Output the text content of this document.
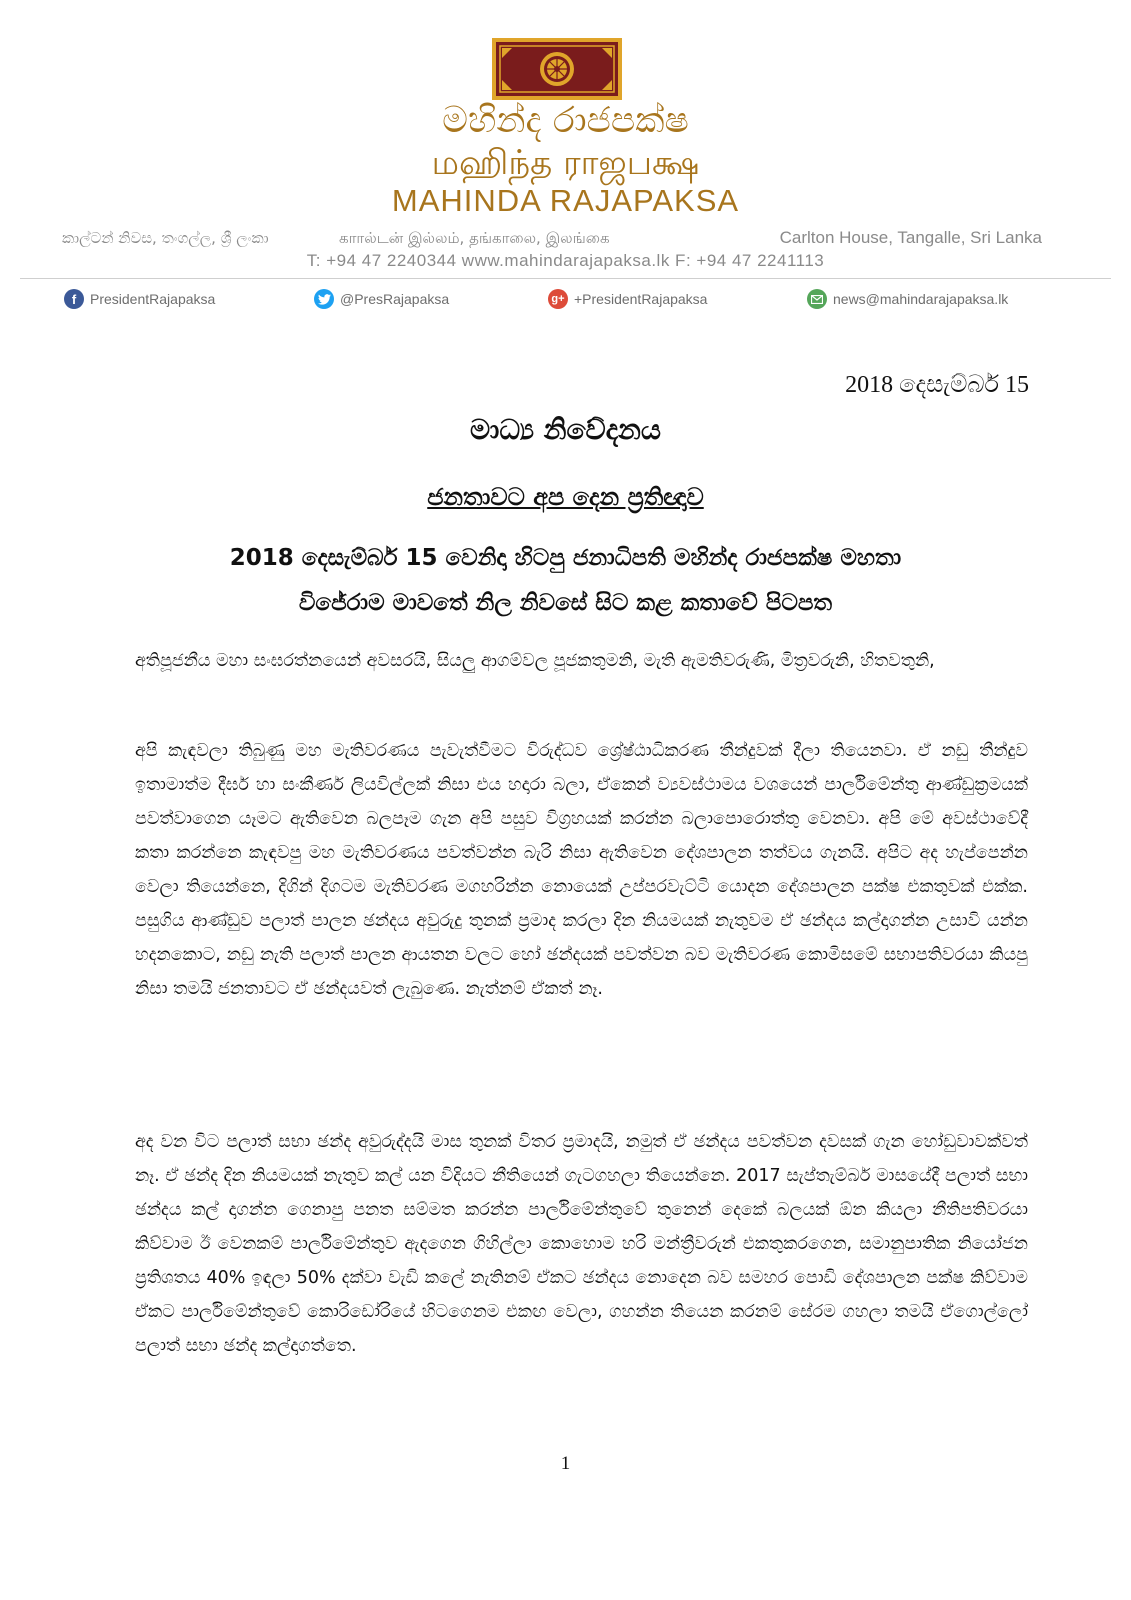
මහින්ද රාජපක්ෂ
மஹிந்த ராஜபக்ஷ
MAHINDA RAJAPAKSA
කාල්ටන් නිවස, තංගල්ල, ශ්‍රී ලංකා	காால்டன் இல்லம், தங்காலை, இலங்கை	Carlton House, Tangalle, Sri Lanka
T: +94 47 2240344 www.mahindarajapaksa.lk F: +94 47 2241113
f PresidentRajapaksa	@PresRajapaksa	g+ +PresidentRajapaksa	news@mahindarajapaksa.lk
2018 දෙසැම්බර් 15
මාධ්‍ය නිවේදනය
ජනතාවට අප දෙන ප්‍රතිඥාව
2018 දෙසැම්බර් 15 වෙනිදා හිටපු ජනාධිපති මහින්ද රාජපක්ෂ මහතා
විජේරාම මාවතේ නිල නිවසේ සිට කළ කතාවේ පිටපත

අතිපූජනීය මහා සංඝරත්නයෙන් අවසරයි, සියලු ආගම්වල පූජකතුමනි, මැති ඇමතිවරුණි, මිත්‍රවරුනි, හිතවතුනි,

අපි කැඳවලා තිබුණු මහ මැතිවරණය පැවැත්වීමට විරුද්ධව ශ්‍රේෂ්ඨාධිකරණ තීන්දුවක් දීලා තියෙනවා. ඒ නඩු තීන්දුව ඉතාමාත්ම දීර්ඝ හා සංකීර්ණ ලියවිල්ලක් නිසා එය හදාරා බලා, ඒකෙන් ව්‍යවස්ථාමය වශයෙන් පාර්ලිමේන්තු ආණ්ඩුක්‍රමයක් පවත්වාගෙන යෑමට ඇතිවෙන බලපෑම ගැන අපි පසුව විග්‍රහයක් කරන්න බලාපොරොත්තු වෙනවා. අපි මේ අවස්ථාවේදී කතා කරන්නෙ කැඳවපු මහ මැතිවරණය පවත්වන්න බැරි නිසා ඇතිවෙන දේශපාලන තත්වය ගැනයි. අපිට අද හැප්පෙන්න වෙලා තියෙන්නෙ, දිගින් දිගටම මැතිවරණ මගහරින්න නොයෙක් උප්පරවැට්ටි යොදන දේශපාලන පක්ෂ එකතුවක් එක්ක. පසුගිය ආණ්ඩුව පලාත් පාලන ඡන්දය අවුරුදු තුනක් ප්‍රමාද කරලා දින නියමයක් නැතුවම ඒ ඡන්දය කල්දාගන්න උසාවි යන්න හදනකොට, නඩු නැති පලාත් පාලන ආයතන වලට හෝ ඡන්දයක් පවත්වන බව මැතිවරණ කොමිසමේ සභාපතිවරයා කියපු නිසා තමයි ජනතාවට ඒ ඡන්දයවත් ලැබුණෙ. නැත්නම් ඒකත් නෑ.

අද වන විට පලාත් සභා ඡන්ද අවුරුද්දයි මාස තුනක් විතර ප්‍රමාදයි, නමුත් ඒ ඡන්දය පවත්වන දවසක් ගැන හෝඩුවාවක්වත් නෑ. ඒ ඡන්ද දින නියමයක් නැතුව කල් යන විදියට නීතියෙන් ගැටගහලා තියෙන්නෙ. 2017 සැප්තැම්බර් මාසයේදී පලාත් සභා ඡන්දය කල් දාගන්න ගෙනාපු පනත සම්මත කරන්න පාර්ලිමේන්තුවේ තුනෙන් දෙකේ බලයක් ඕන කියලා නීතිපතිවරයා කිව්වාම ඊ වෙනකම් පාර්ලිමේන්තුව ඇදගෙන ගිහිල්ලා කොහොම හරි මන්ත්‍රීවරුන් එකතුකරගෙන, සමානුපාතික නියෝජන ප්‍රතිශතය 40% ඉඳලා 50% දක්වා වැඩි කලේ නැතිනම් ඒකට ඡන්දය නොදෙන බව සමහර පොඩි දේශපාලන පක්ෂ කිව්වාම ඒකට පාර්ලිමේන්තුවේ කොරිඩෝරියේ හිටගෙනම එකඟ වෙලා, ගහන්න තියෙන කරනම් සේරම ගහලා තමයි ඒගොල්ලෝ පලාත් සභා ඡන්ද කල්දාගත්තෙ.

1
